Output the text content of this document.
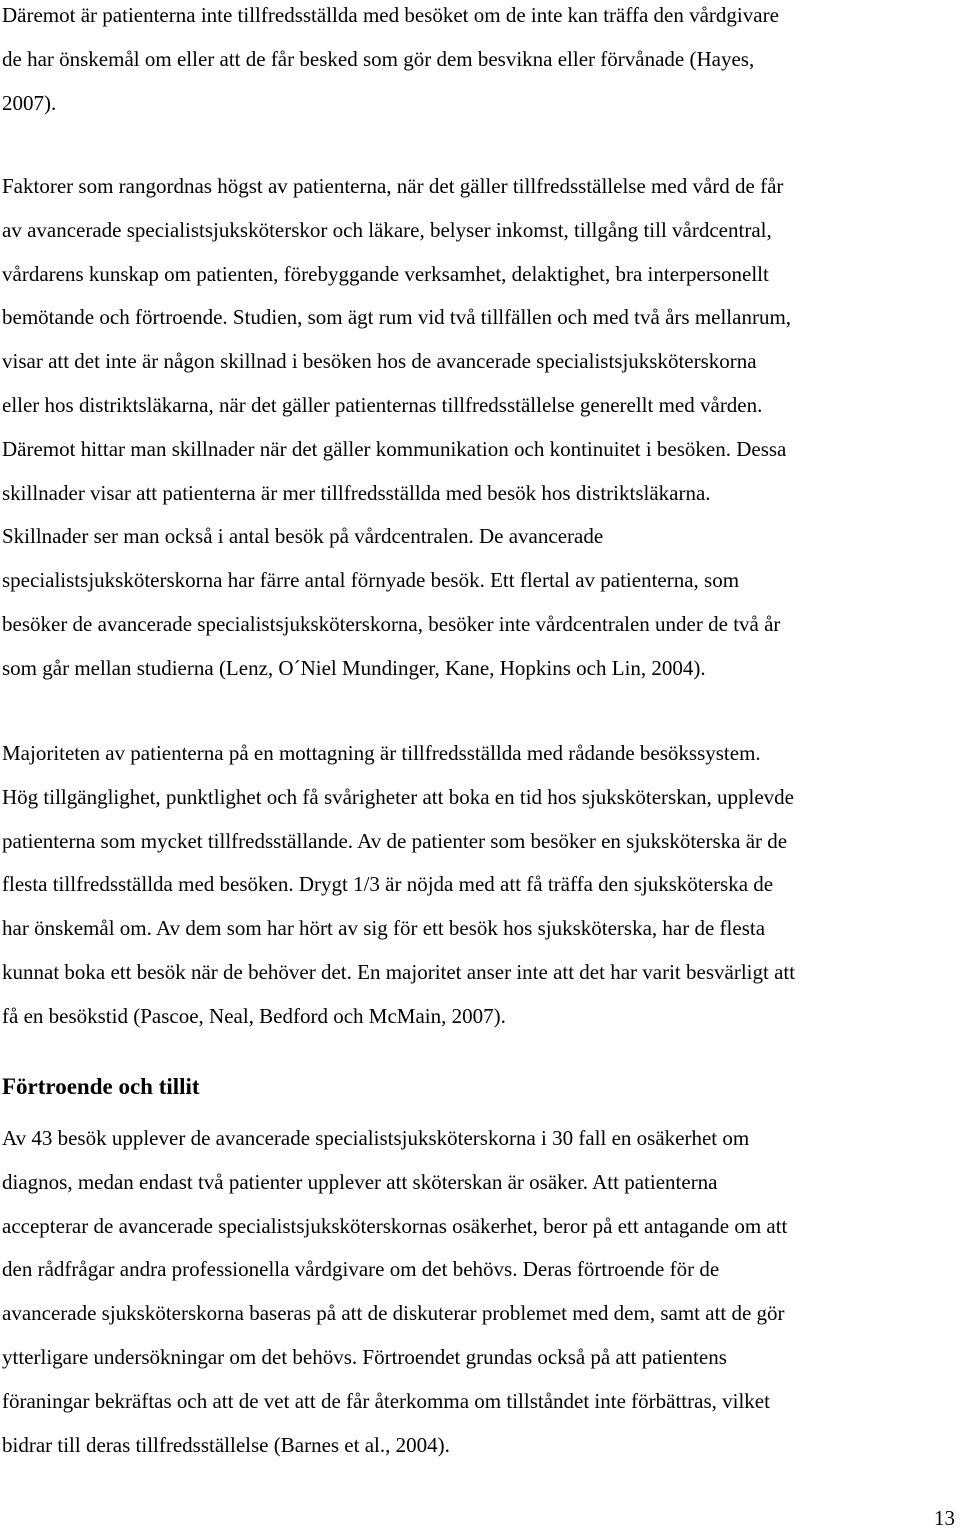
Däremot är patienterna inte tillfredsställda med besöket om de inte kan träffa den vårdgivare
de har önskemål om eller att de får besked som gör dem besvikna eller förvånade (Hayes,
2007).

Faktorer som rangordnas högst av patienterna, när det gäller tillfredsställelse med vård de får
av avancerade specialistsjuksköterskor och läkare, belyser inkomst, tillgång till vårdcentral,
vårdarens kunskap om patienten, förebyggande verksamhet, delaktighet, bra interpersonellt
bemötande och förtroende. Studien, som ägt rum vid två tillfällen och med två års mellanrum,
visar att det inte är någon skillnad i besöken hos de avancerade specialistsjuksköterskorna
eller hos distriktsläkarna, när det gäller patienternas tillfredsställelse generellt med vården.
Däremot hittar man skillnader när det gäller kommunikation och kontinuitet i besöken. Dessa
skillnader visar att patienterna är mer tillfredsställda med besök hos distriktsläkarna.
Skillnader ser man också i antal besök på vårdcentralen. De avancerade
specialistsjuksköterskorna har färre antal förnyade besök. Ett flertal av patienterna, som
besöker de avancerade specialistsjuksköterskorna, besöker inte vårdcentralen under de två år
som går mellan studierna (Lenz, O´Niel Mundinger, Kane, Hopkins och Lin, 2004).

Majoriteten av patienterna på en mottagning är tillfredsställda med rådande besökssystem.
Hög tillgänglighet, punktlighet och få svårigheter att boka en tid hos sjuksköterskan, upplevde
patienterna som mycket tillfredsställande. Av de patienter som besöker en sjuksköterska är de
flesta tillfredsställda med besöken. Drygt 1/3 är nöjda med att få träffa den sjuksköterska de
har önskemål om. Av dem som har hört av sig för ett besök hos sjuksköterska, har de flesta
kunnat boka ett besök när de behöver det. En majoritet anser inte att det har varit besvärligt att
få en besökstid (Pascoe, Neal, Bedford och McMain, 2007).

Förtroende och tillit

Av 43 besök upplever de avancerade specialistsjuksköterskorna i 30 fall en osäkerhet om
diagnos, medan endast två patienter upplever att sköterskan är osäker. Att patienterna
accepterar de avancerade specialistsjuksköterskornas osäkerhet, beror på ett antagande om att
den rådfrågar andra professionella vårdgivare om det behövs. Deras förtroende för de
avancerade sjuksköterskorna baseras på att de diskuterar problemet med dem, samt att de gör
ytterligare undersökningar om det behövs. Förtroendet grundas också på att patientens
föraningar bekräftas och att de vet att de får återkomma om tillståndet inte förbättras, vilket
bidrar till deras tillfredsställelse (Barnes et al., 2004).

13
